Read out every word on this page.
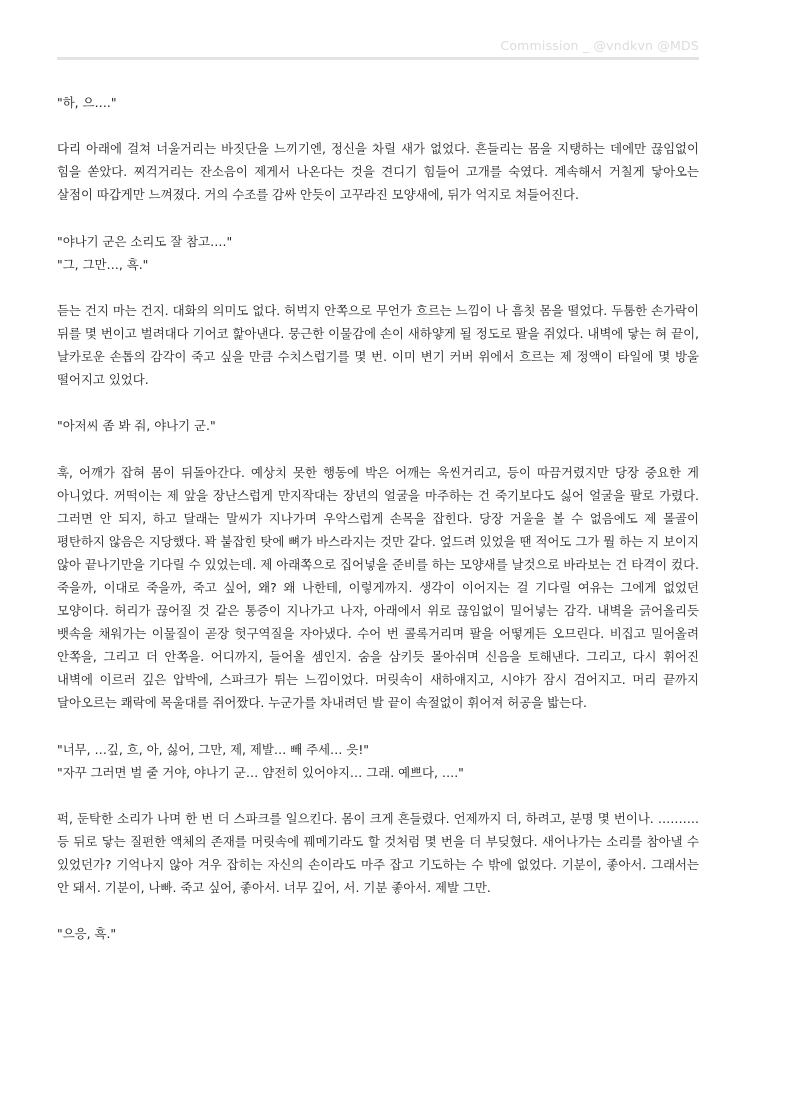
Commission _ @vndkvn @MDS

"하, 으…."

다리 아래에 걸쳐 너울거리는 바짓단을 느끼기엔, 정신을 차릴 새가 없었다. 흔들리는 몸을 지탱하는 데에만 끊임없이 힘을 쏟았다. 찌걱거리는 잔소음이 제게서 나온다는 것을 견디기 힘들어 고개를 숙였다. 계속해서 거칠게 닿아오는 살점이 따갑게만 느껴졌다. 거의 수조를 감싸 안듯이 고꾸라진 모양새에, 뒤가 억지로 쳐들어진다.

"야나기 군은 소리도 잘 참고…."

"그, 그만…, 흑."

듣는 건지 마는 건지. 대화의 의미도 없다. 허벅지 안쪽으로 무언가 흐르는 느낌이 나 흠칫 몸을 떨었다. 두툼한 손가락이 뒤를 몇 번이고 벌려대다 기어코 핥아낸다. 뭉근한 이물감에 손이 새하얗게 될 정도로 팔을 쥐었다. 내벽에 닿는 혀 끝이, 날카로운 손톱의 감각이 죽고 싶을 만큼 수치스럽기를 몇 번. 이미 변기 커버 위에서 흐르는 제 정액이 타일에 몇 방울 떨어지고 있었다.

"아저씨 좀 봐 줘, 야나기 군."

훅, 어깨가 잡혀 몸이 뒤돌아간다. 예상치 못한 행동에 박은 어깨는 욱씬거리고, 등이 따끔거렸지만 당장 중요한 게 아니었다. 꺼떡이는 제 앞을 장난스럽게 만지작대는 장년의 얼굴을 마주하는 건 죽기보다도 싫어 얼굴을 팔로 가렸다. 그러면 안 되지, 하고 달래는 말씨가 지나가며 우악스럽게 손목을 잡힌다. 당장 거울을 볼 수 없음에도 제 몰골이 평탄하지 않음은 지당했다. 꽉 붙잡힌 탓에 뼈가 바스라지는 것만 같다. 엎드려 있었을 땐 적어도 그가 뭘 하는 지 보이지 않아 끝나기만을 기다릴 수 있었는데. 제 아래쪽으로 집어넣을 준비를 하는 모양새를 날것으로 바라보는 건 타격이 컸다. 죽을까, 이대로 죽을까, 죽고 싶어, 왜? 왜 나한테, 이렇게까지. 생각이 이어지는 걸 기다릴 여유는 그에게 없었던 모양이다. 허리가 끊어질 것 같은 통증이 지나가고 나자, 아래에서 위로 끊임없이 밀어넣는 감각. 내벽을 긁어올리듯 뱃속을 채워가는 이물질이 곧장 헛구역질을 자아냈다. 수어 번 콜록거리며 팔을 어떻게든 오므린다. 비집고 밀어올려 안쪽을, 그리고 더 안쪽을. 어디까지, 들어올 셈인지. 숨을 삼키듯 몰아쉬며 신음을 토해낸다. 그리고, 다시 휘어진 내벽에 이르러 깊은 압박에, 스파크가 튀는 느낌이었다. 머릿속이 새하얘지고, 시야가 잠시 검어지고. 머리 끝까지 달아오르는 쾌락에 목울대를 쥐어짰다. 누군가를 차내려던 발 끝이 속절없이 휘어져 허공을 밟는다.

"너무, …깊, 흐, 아, 싫어, 그만, 제, 제발… 빼 주세… 읏!"

"자꾸 그러면 벌 줄 거야, 야나기 군… 얌전히 있어야지… 그래. 예쁘다, …."

퍽, 둔탁한 소리가 나며 한 번 더 스파크를 일으킨다. 몸이 크게 흔들렸다. 언제까지 더, 하려고, 분명 몇 번이나. ………. 등 뒤로 닿는 질펀한 액체의 존재를 머릿속에 꿰메기라도 할 것처럼 몇 번을 더 부딪혔다. 새어나가는 소리를 참아낼 수 있었던가? 기억나지 않아 겨우 잡히는 자신의 손이라도 마주 잡고 기도하는 수 밖에 없었다. 기분이, 좋아서. 그래서는 안 돼서. 기분이, 나빠. 죽고 싶어, 좋아서. 너무 깊어, 서. 기분 좋아서. 제발 그만.

"으응, 흑."
